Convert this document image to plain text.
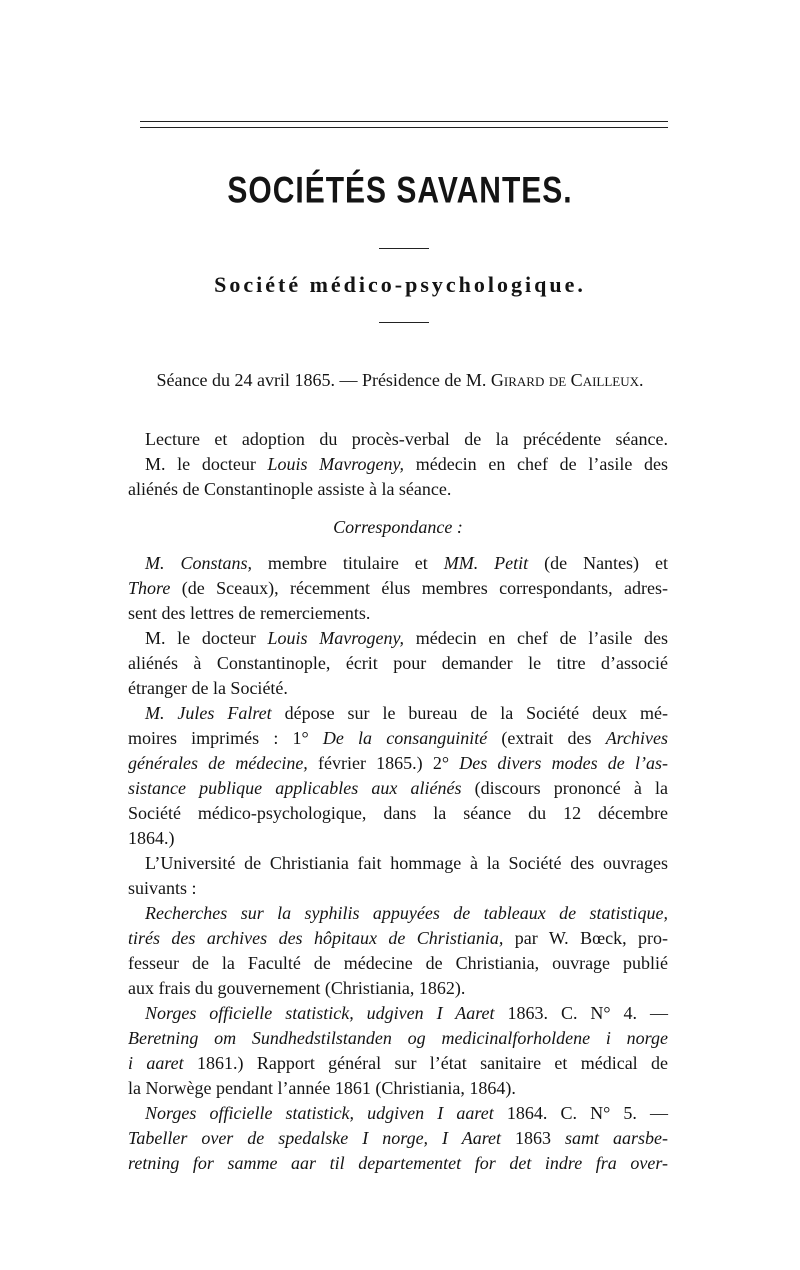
SOCIÉTÉS SAVANTES.
Société médico-psychologique.
Séance du 24 avril 1865. — Présidence de M. Girard de Cailleux.
Lecture et adoption du procès-verbal de la précédente séance.
M. le docteur Louis Mavrogeny, médecin en chef de l’asile des
aliénés de Constantinople assiste à la séance.
Correspondance :
M. Constans, membre titulaire et MM. Petit (de Nantes) et
Thore (de Sceaux), récemment élus membres correspondants, adres-
sent des lettres de remerciements.
M. le docteur Louis Mavrogeny, médecin en chef de l’asile des
aliénés à Constantinople, écrit pour demander le titre d’associé
étranger de la Société.
M. Jules Falret dépose sur le bureau de la Société deux mé-
moires imprimés : 1° De la consanguinité (extrait des Archives
générales de médecine, février 1865.) 2° Des divers modes de l’as-
sistance publique applicables aux aliénés (discours prononcé à la
Société médico-psychologique, dans la séance du 12 décembre
1864.)
L’Université de Christiania fait hommage à la Société des ouvrages
suivants :
Recherches sur la syphilis appuyées de tableaux de statistique,
tirés des archives des hôpitaux de Christiania, par W. Bœck, pro-
fesseur de la Faculté de médecine de Christiania, ouvrage publié
aux frais du gouvernement (Christiania, 1862).
Norges officielle statistick, udgiven I Aaret 1863. C. N° 4. —
Beretning om Sundhedstilstanden og medicinalforholdene i norge
i aaret 1861.) Rapport général sur l’état sanitaire et médical de
la Norwège pendant l’année 1861 (Christiania, 1864).
Norges officielle statistick, udgiven I aaret 1864. C. N° 5. —
Tabeller over de spedalske I norge, I Aaret 1863 samt aarsbe-
retning for samme aar til departementet for det indre fra over-
